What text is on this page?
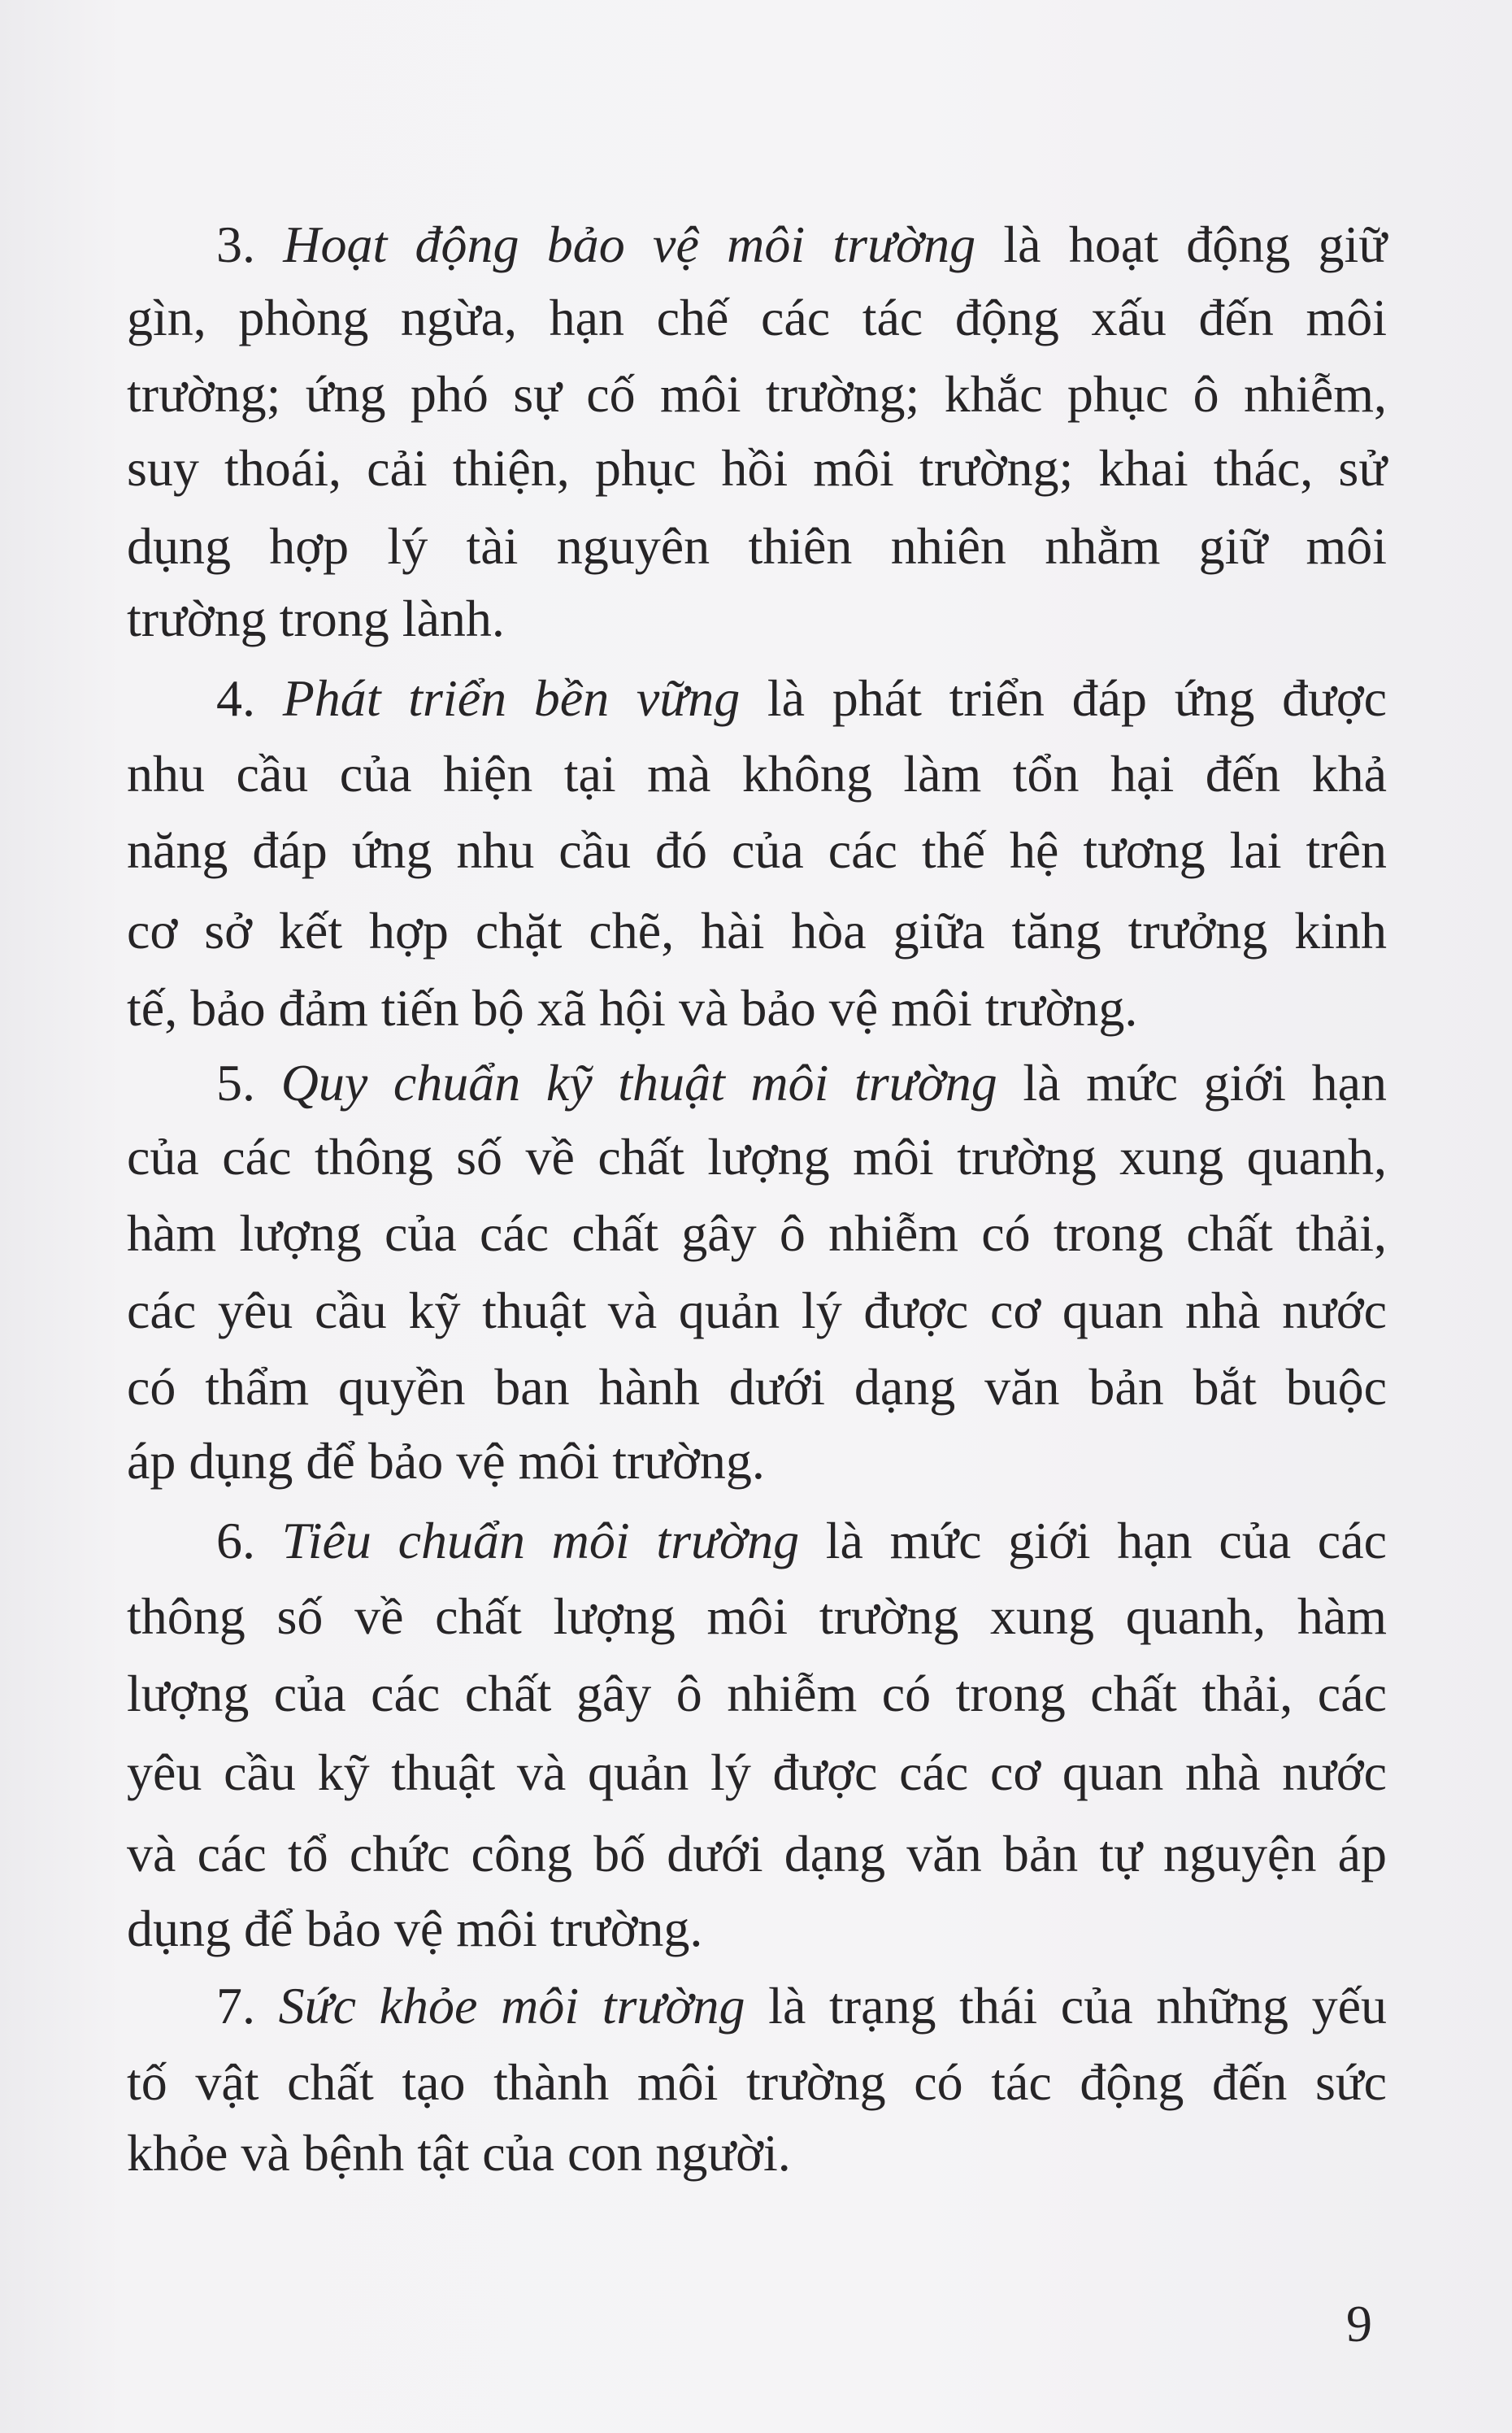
3. Hoạt động bảo vệ môi trường là hoạt động giữ
gìn, phòng ngừa, hạn chế các tác động xấu đến môi
trường; ứng phó sự cố môi trường; khắc phục ô nhiễm,
suy thoái, cải thiện, phục hồi môi trường; khai thác, sử
dụng hợp lý tài nguyên thiên nhiên nhằm giữ môi
trường trong lành.
4. Phát triển bền vững là phát triển đáp ứng được
nhu cầu của hiện tại mà không làm tổn hại đến khả
năng đáp ứng nhu cầu đó của các thế hệ tương lai trên
cơ sở kết hợp chặt chẽ, hài hòa giữa tăng trưởng kinh
tế, bảo đảm tiến bộ xã hội và bảo vệ môi trường.
5. Quy chuẩn kỹ thuật môi trường là mức giới hạn
của các thông số về chất lượng môi trường xung quanh,
hàm lượng của các chất gây ô nhiễm có trong chất thải,
các yêu cầu kỹ thuật và quản lý được cơ quan nhà nước
có thẩm quyền ban hành dưới dạng văn bản bắt buộc
áp dụng để bảo vệ môi trường.
6. Tiêu chuẩn môi trường là mức giới hạn của các
thông số về chất lượng môi trường xung quanh, hàm
lượng của các chất gây ô nhiễm có trong chất thải, các
yêu cầu kỹ thuật và quản lý được các cơ quan nhà nước
và các tổ chức công bố dưới dạng văn bản tự nguyện áp
dụng để bảo vệ môi trường.
7. Sức khỏe môi trường là trạng thái của những yếu
tố vật chất tạo thành môi trường có tác động đến sức
khỏe và bệnh tật của con người.
9
